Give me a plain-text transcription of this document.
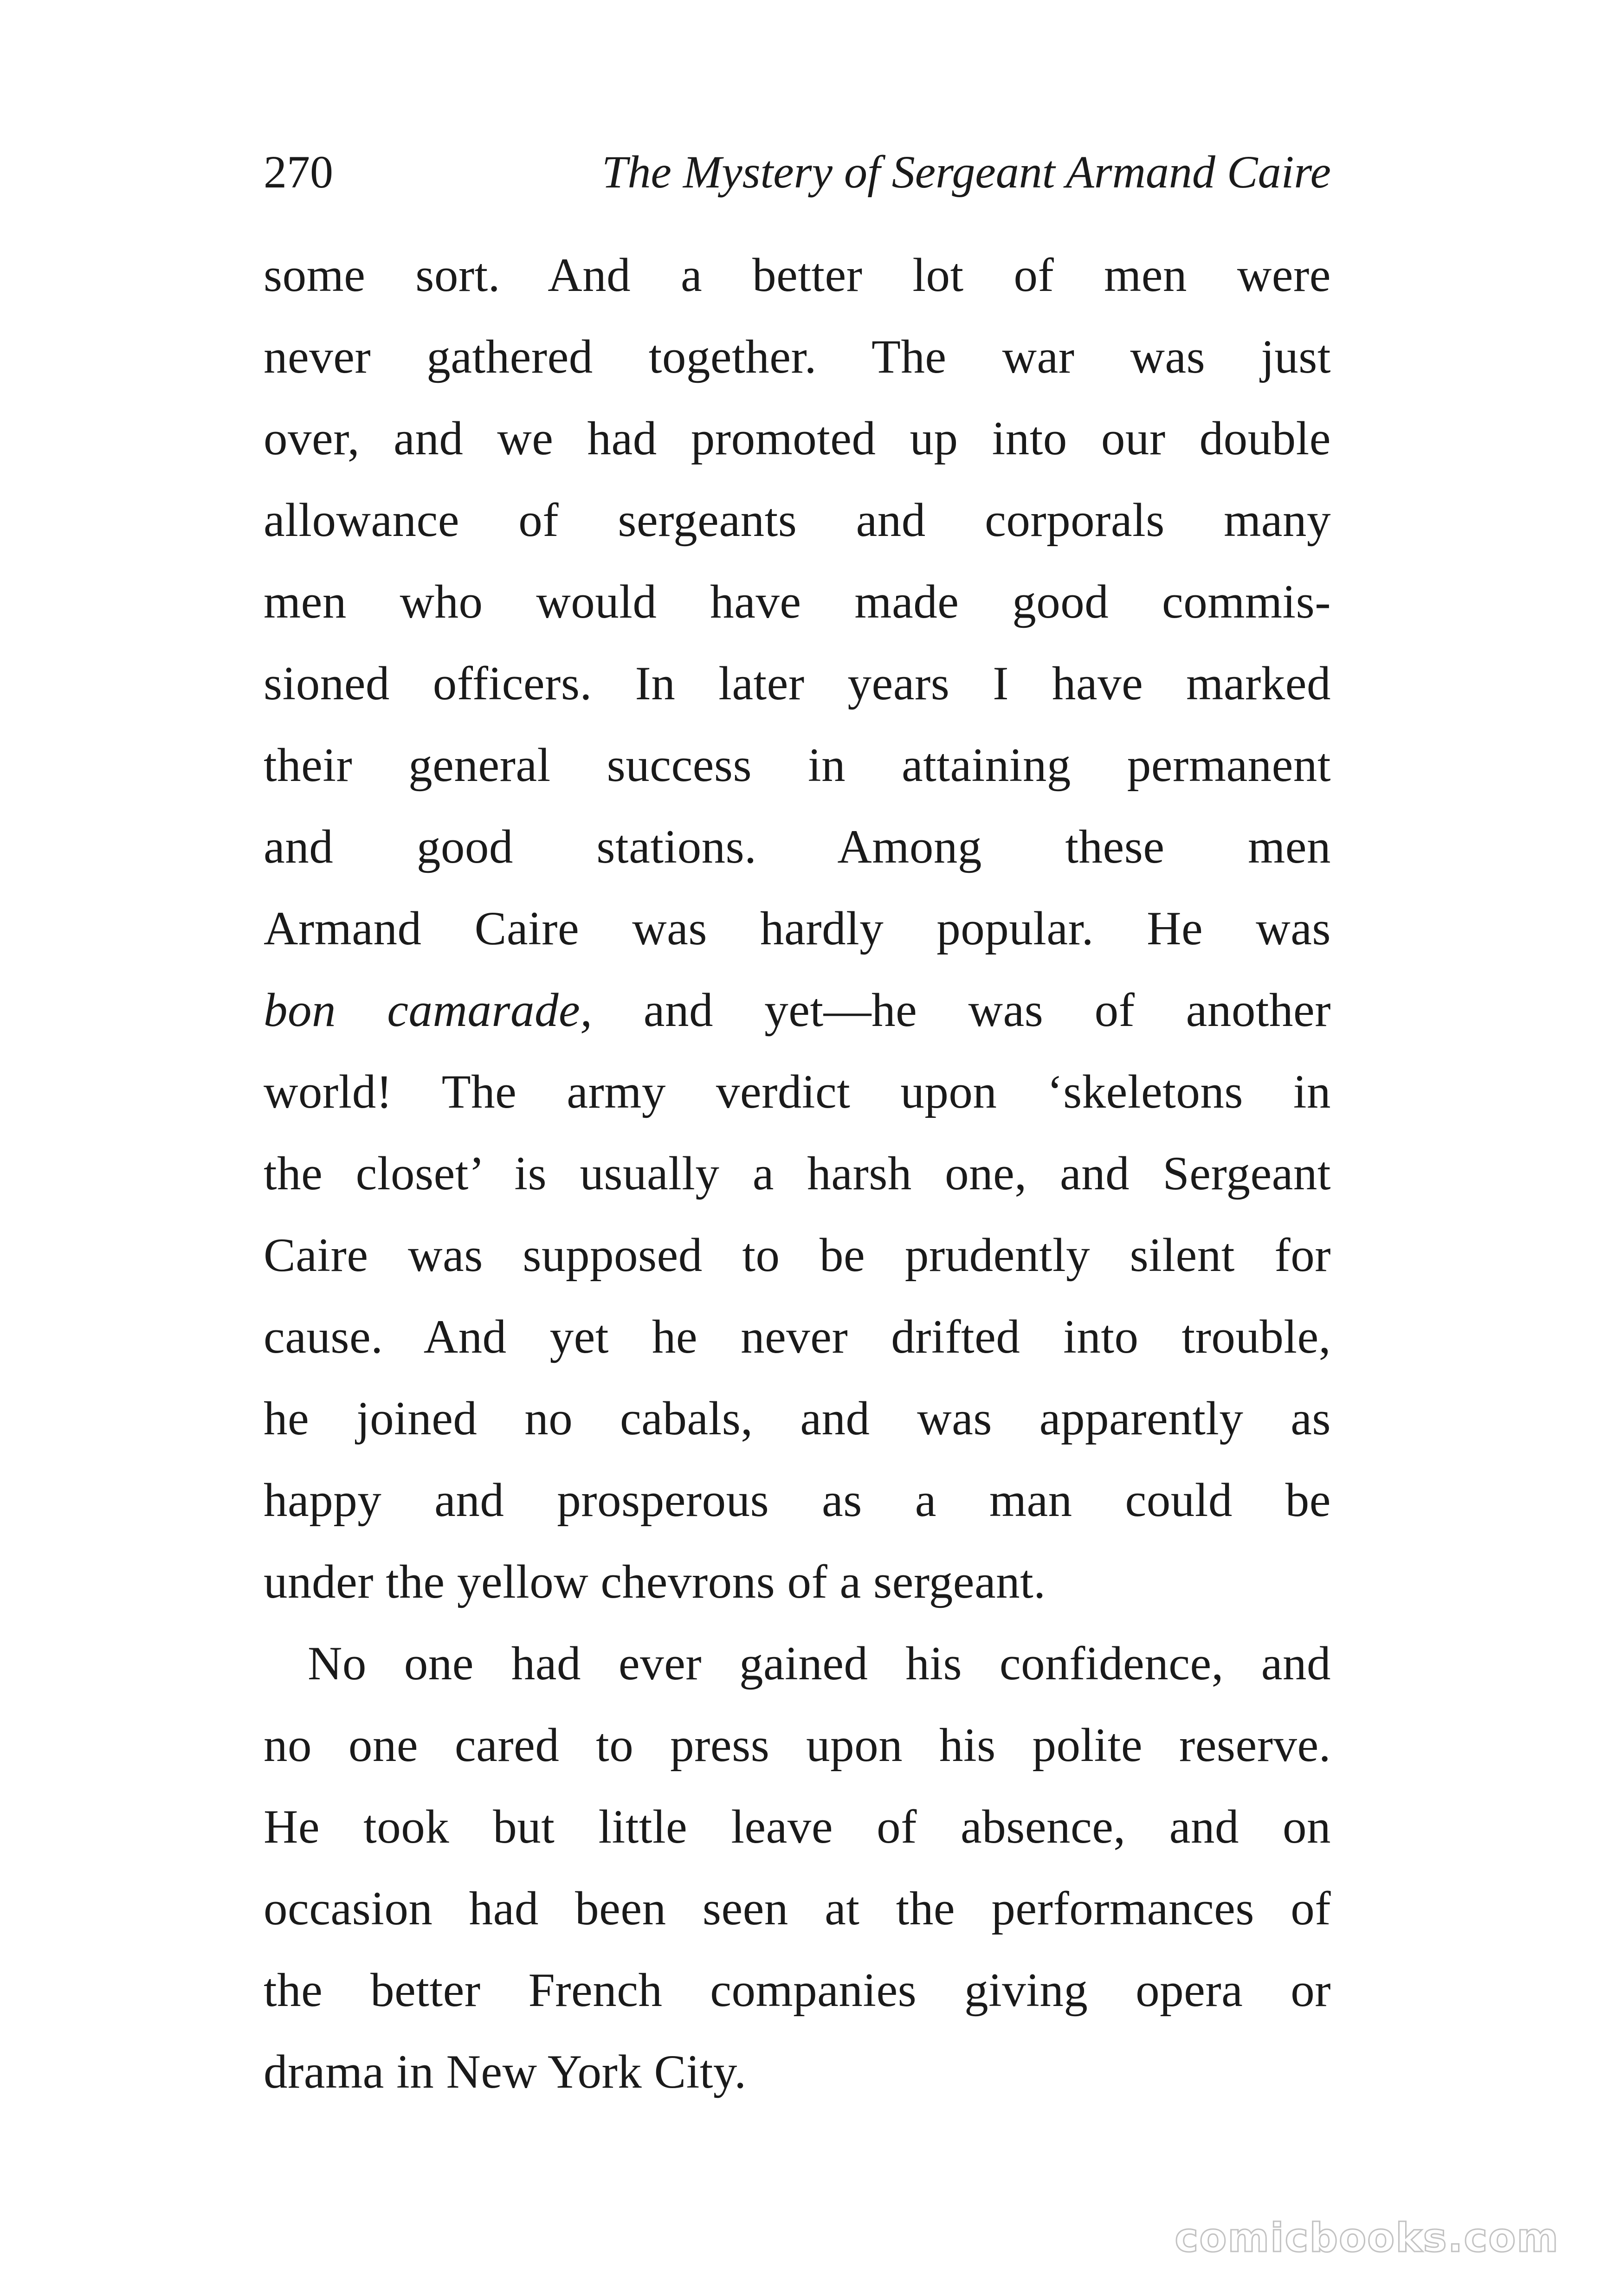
270	The Mystery of Sergeant Armand Caire
some sort. And a better lot of men were
never gathered together. The war was just
over, and we had promoted up into our double
allowance of sergeants and corporals many
men who would have made good commis-
sioned officers. In later years I have marked
their general success in attaining permanent
and good stations. Among these men
Armand Caire was hardly popular. He was
bon camarade, and yet—he was of another
world! The army verdict upon ‘skeletons in
the closet’ is usually a harsh one, and Sergeant
Caire was supposed to be prudently silent for
cause. And yet he never drifted into trouble,
he joined no cabals, and was apparently as
happy and prosperous as a man could be
under the yellow chevrons of a sergeant.
No one had ever gained his confidence, and
no one cared to press upon his polite reserve.
He took but little leave of absence, and on
occasion had been seen at the performances of
the better French companies giving opera or
drama in New York City.
comicbooks.com
